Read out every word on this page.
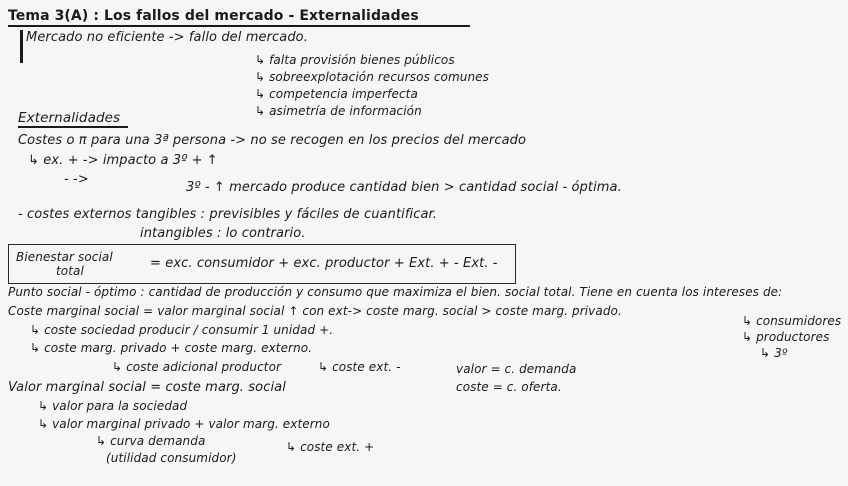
Tema 3(A) : Los fallos del mercado - Externalidades
Mercado no eficiente -> fallo del mercado.
↳ falta provisión bienes públicos
↳ sobreexplotación recursos comunes
↳ competencia imperfecta
↳ asimetría de información
Externalidades
Costes o π para una 3ª persona -> no se recogen en los precios del mercado
↳ ex. + -> impacto a 3º + ↑
- ->
3º - ↑ mercado produce cantidad bien > cantidad social - óptima.
- costes externos tangibles : previsibles y fáciles de cuantificar.
intangibles : lo contrario.
Bienestar social
total	= exc. consumidor + exc. productor + Ext. + - Ext. -
Punto social - óptimo : cantidad de producción y consumo que maximiza el bien. social total. Tiene en cuenta los intereses de:
Coste marginal social = valor marginal social ↑ con ext-> coste marg. social > coste marg. privado.
↳ consumidores
↳ productores
↳ 3º
↳ coste sociedad producir / consumir 1 unidad +.
↳ coste marg. privado + coste marg. externo.
↳ coste adicional productor	↳ coste ext. -	valor = c. demanda
coste = c. oferta.
Valor marginal social = coste marg. social
↳ valor para la sociedad
↳ valor marginal privado + valor marg. externo
↳ curva demanda
(utilidad consumidor)
↳ coste ext. +
